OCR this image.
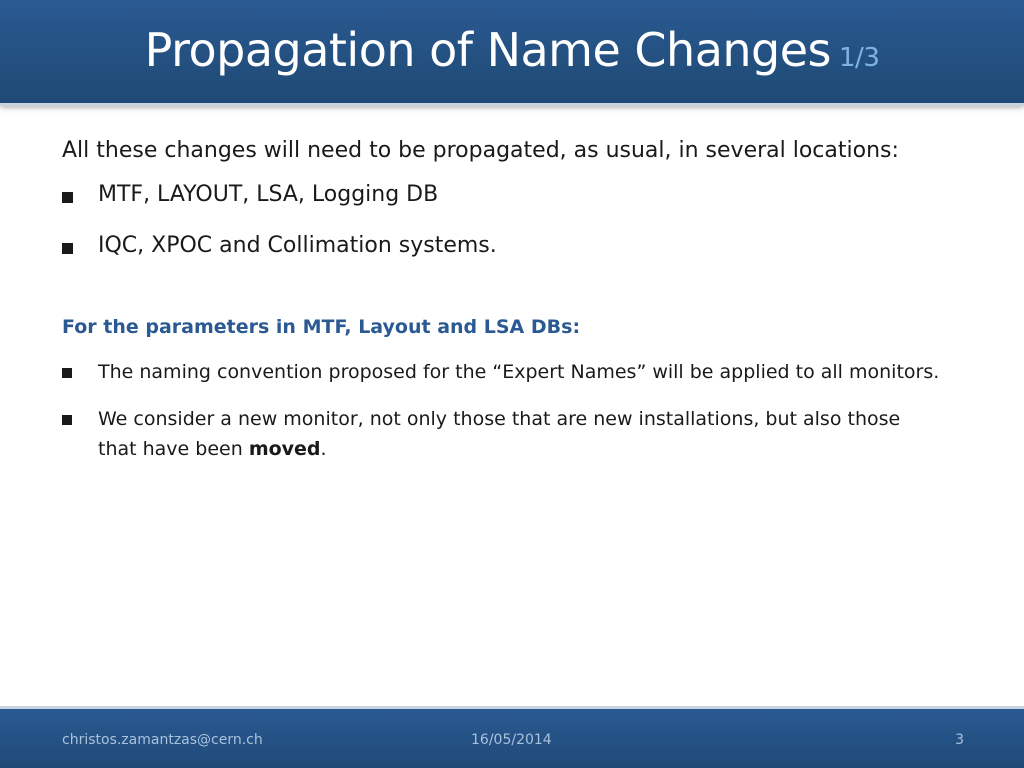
Propagation of Name Changes 1/3

All these changes will need to be propagated, as usual, in several locations:

MTF, LAYOUT, LSA, Logging DB
IQC, XPOC and Collimation systems.
For the parameters in MTF, Layout and LSA DBs:
The naming convention proposed for the “Expert Names” will be applied to all monitors.
We consider a new monitor, not only those that are new installations, but also those that have been moved.
christos.zamantzas@cern.ch	16/05/2014	3
